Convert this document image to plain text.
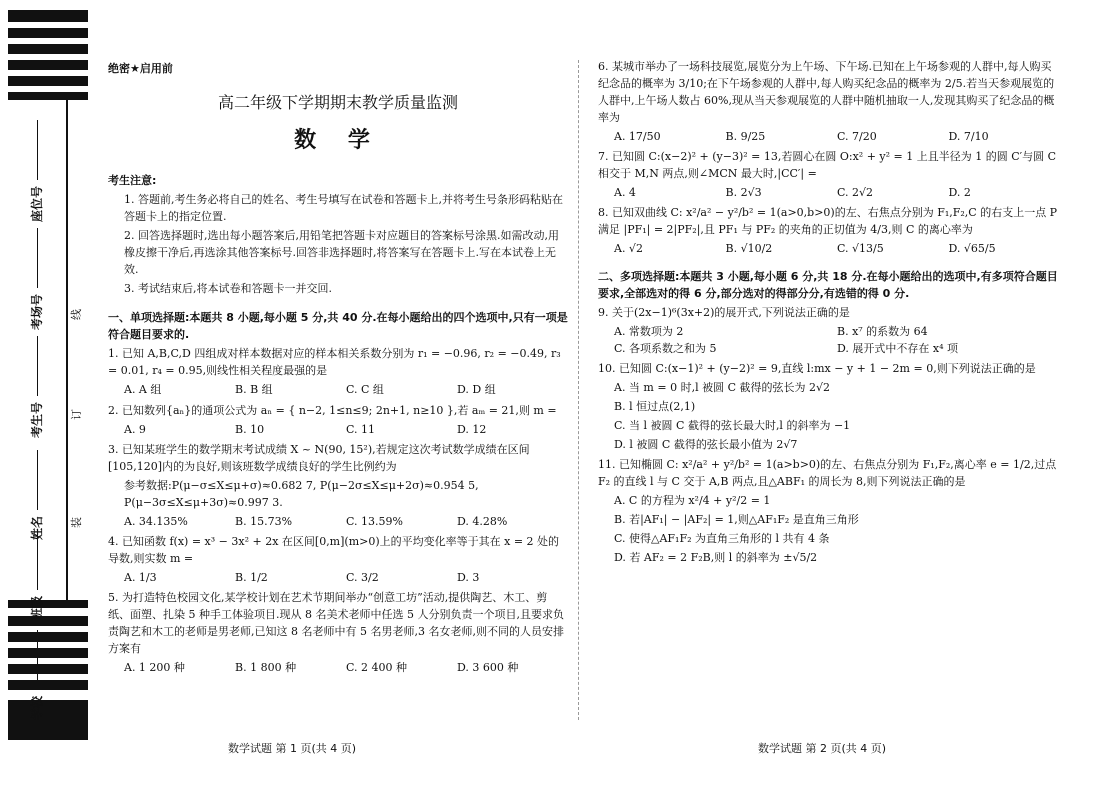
座位号
考场号
考生号
姓名
班级
学校
线
订
装

绝密★启用前

高二年级下学期期末教学质量监测

数 学

考生注意:

1. 答题前,考生务必将自己的姓名、考生号填写在试卷和答题卡上,并将考生号条形码粘贴在答题卡上的指定位置.

2. 回答选择题时,选出每小题答案后,用铅笔把答题卡对应题目的答案标号涂黑.如需改动,用橡皮擦干净后,再选涂其他答案标号.回答非选择题时,将答案写在答题卡上.写在本试卷上无效.

3. 考试结束后,将本试卷和答题卡一并交回.

一、单项选择题:本题共 8 小题,每小题 5 分,共 40 分.在每小题给出的四个选项中,只有一项是符合题目要求的.

1. 已知 A,B,C,D 四组成对样本数据对应的样本相关系数分别为 r₁ = −0.96, r₂ = −0.49, r₃ = 0.01, r₄ = 0.95,则线性相关程度最强的是

A. A 组	B. B 组	C. C 组	D. D 组

2. 已知数列{aₙ}的通项公式为 aₙ = { n−2, 1≤n≤9; 2n+1, n≥10 },若 aₘ = 21,则 m =

A. 9	B. 10	C. 11	D. 12

3. 已知某班学生的数学期末考试成绩 X ~ N(90, 15²),若规定这次考试数学成绩在区间[105,120]内的为良好,则该班数学成绩良好的学生比例约为

参考数据:P(μ−σ≤X≤μ+σ)≈0.682 7, P(μ−2σ≤X≤μ+2σ)≈0.954 5, P(μ−3σ≤X≤μ+3σ)≈0.997 3.

A. 34.135%	B. 15.73%	C. 13.59%	D. 4.28%

4. 已知函数 f(x) = x³ − 3x² + 2x 在区间[0,m](m>0)上的平均变化率等于其在 x = 2 处的导数,则实数 m =

A. 1/3	B. 1/2	C. 3/2	D. 3

5. 为打造特色校园文化,某学校计划在艺术节期间举办“创意工坊”活动,提供陶艺、木工、剪纸、面塑、扎染 5 种手工体验项目.现从 8 名美术老师中任选 5 人分别负责一个项目,且要求负责陶艺和木工的老师是男老师,已知这 8 名老师中有 5 名男老师,3 名女老师,则不同的人员安排方案有

A. 1 200 种	B. 1 800 种	C. 2 400 种	D. 3 600 种

6. 某城市举办了一场科技展览,展览分为上午场、下午场.已知在上午场参观的人群中,每人购买纪念品的概率为 3/10;在下午场参观的人群中,每人购买纪念品的概率为 2/5.若当天参观展览的人群中,上午场人数占 60%,现从当天参观展览的人群中随机抽取一人,发现其购买了纪念品的概率为

A. 17/50	B. 9/25	C. 7/20	D. 7/10

7. 已知圆 C:(x−2)² + (y−3)² = 13,若圆心在圆 O:x² + y² = 1 上且半径为 1 的圆 C′与圆 C 相交于 M,N 两点,则∠MCN 最大时,|CC′| =

A. 4	B. 2√3	C. 2√2	D. 2

8. 已知双曲线 C: x²/a² − y²/b² = 1(a>0,b>0)的左、右焦点分别为 F₁,F₂,C 的右支上一点 P 满足 |PF₁| = 2|PF₂|,且 PF₁ 与 PF₂ 的夹角的正切值为 4/3,则 C 的离心率为

A. √2	B. √10/2	C. √13/5	D. √65/5

二、多项选择题:本题共 3 小题,每小题 6 分,共 18 分.在每小题给出的选项中,有多项符合题目要求,全部选对的得 6 分,部分选对的得部分分,有选错的得 0 分.

9. 关于(2x−1)⁶(3x+2)的展开式,下列说法正确的是

A. 常数项为 2	B. x⁷ 的系数为 64
C. 各项系数之和为 5	D. 展开式中不存在 x⁴ 项

10. 已知圆 C:(x−1)² + (y−2)² = 9,直线 l:mx − y + 1 − 2m = 0,则下列说法正确的是

A. 当 m = 0 时,l 被圆 C 截得的弦长为 2√2

B. l 恒过点(2,1)

C. 当 l 被圆 C 截得的弦长最大时,l 的斜率为 −1

D. l 被圆 C 截得的弦长最小值为 2√7

11. 已知椭圆 C: x²/a² + y²/b² = 1(a>b>0)的左、右焦点分别为 F₁,F₂,离心率 e = 1/2,过点 F₂ 的直线 l 与 C 交于 A,B 两点,且△ABF₁ 的周长为 8,则下列说法正确的是

A. C 的方程为 x²/4 + y²/2 = 1

B. 若|AF₁| − |AF₂| = 1,则△AF₁F₂ 是直角三角形

C. 使得△AF₁F₂ 为直角三角形的 l 共有 4 条

D. 若 AF₂ = 2 F₂B,则 l 的斜率为 ±√5/2

数学试题 第 1 页(共 4 页)	数学试题 第 2 页(共 4 页)
